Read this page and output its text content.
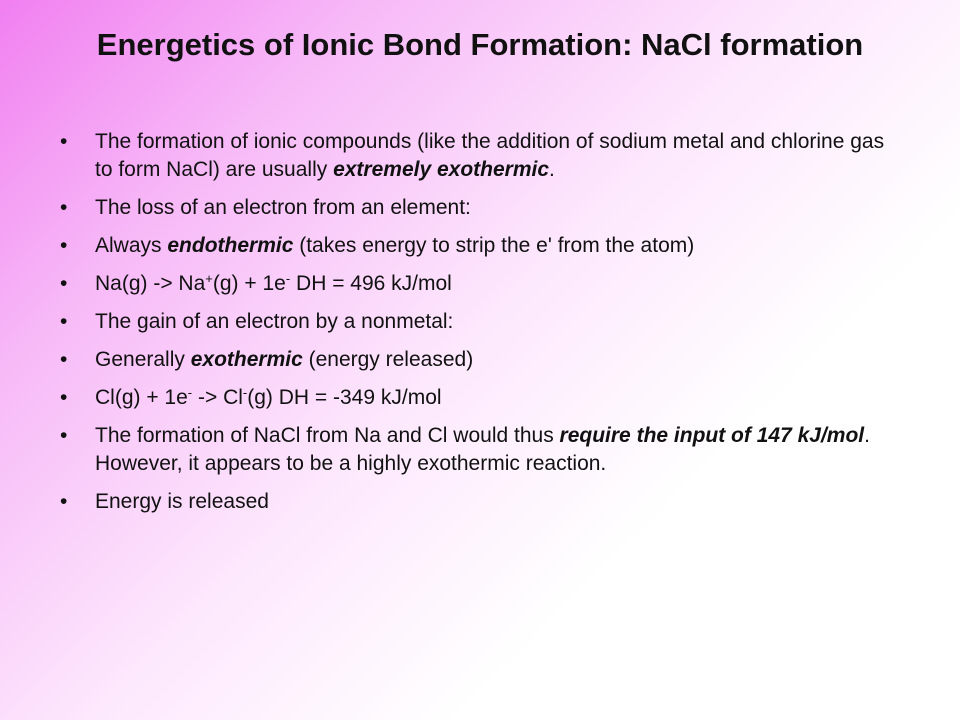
Energetics of Ionic Bond Formation: NaCl formation
• The formation of ionic compounds (like the addition of sodium metal and chlorine gas to form NaCl) are usually extremely exothermic.
• The loss of an electron from an element:
• Always endothermic (takes energy to strip the e' from the atom)
• Na(g) -> Na+(g) + 1e- DH = 496 kJ/mol
• The gain of an electron by a nonmetal:
• Generally exothermic (energy released)
• Cl(g) + 1e- -> Cl-(g) DH = -349 kJ/mol
• The formation of NaCl from Na and Cl would thus require the input of 147 kJ/mol. However, it appears to be a highly exothermic reaction.
• Energy is released
